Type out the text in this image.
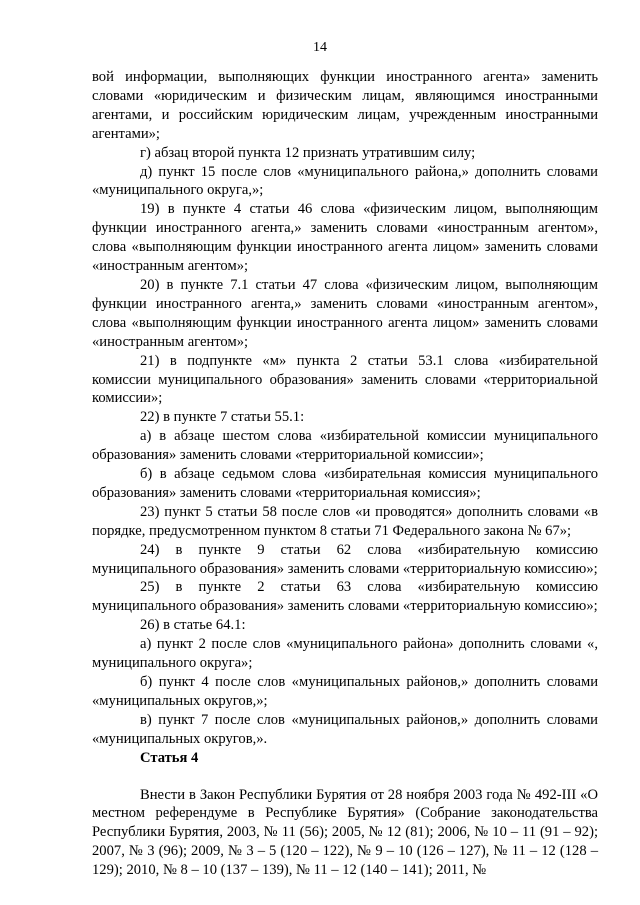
14

вой информации, выполняющих функции иностранного агента» заменить словами «юридическим и физическим лицам, являющимся иностранными агентами, и российским юридическим лицам, учрежденным иностранными агентами»;

г) абзац второй пункта 12 признать утратившим силу;

д) пункт 15 после слов «муниципального района,» дополнить словами «муниципального округа,»;

19) в пункте 4 статьи 46 слова «физическим лицом, выполняющим функции иностранного агента,» заменить словами «иностранным агентом», слова «выполняющим функции иностранного агента лицом» заменить словами «иностранным агентом»;

20) в пункте 7.1 статьи 47 слова «физическим лицом, выполняющим функции иностранного агента,» заменить словами «иностранным агентом», слова «выполняющим функции иностранного агента лицом» заменить словами «иностранным агентом»;

21) в подпункте «м» пункта 2 статьи 53.1 слова «избирательной комиссии муниципального образования» заменить словами «территориальной комиссии»;

22) в пункте 7 статьи 55.1:

а) в абзаце шестом слова «избирательной комиссии муниципального образования» заменить словами «территориальной комиссии»;

б) в абзаце седьмом слова «избирательная комиссия муниципального образования» заменить словами «территориальная комиссия»;

23) пункт 5 статьи 58 после слов «и проводятся» дополнить словами «в порядке, предусмотренном пунктом 8 статьи 71 Федерального закона № 67»;

24) в пункте 9 статьи 62 слова «избирательную комиссию муниципального образования» заменить словами «территориальную комиссию»;

25) в пункте 2 статьи 63 слова «избирательную комиссию муниципального образования» заменить словами «территориальную комиссию»;

26) в статье 64.1:

а) пункт 2 после слов «муниципального района» дополнить словами «, муниципального округа»;

б) пункт 4 после слов «муниципальных районов,» дополнить словами «муниципальных округов,»;

в) пункт 7 после слов «муниципальных районов,» дополнить словами «муниципальных округов,».

Статья 4

Внести в Закон Республики Бурятия от 28 ноября 2003 года № 492-III «О местном референдуме в Республике Бурятия» (Собрание законодательства Республики Бурятия, 2003, № 11 (56); 2005, № 12 (81); 2006, № 10 – 11 (91 – 92); 2007, № 3 (96); 2009, № 3 – 5 (120 – 122), № 9 – 10 (126 – 127), № 11 – 12 (128 – 129); 2010, № 8 – 10 (137 – 139), № 11 – 12 (140 – 141); 2011, №
